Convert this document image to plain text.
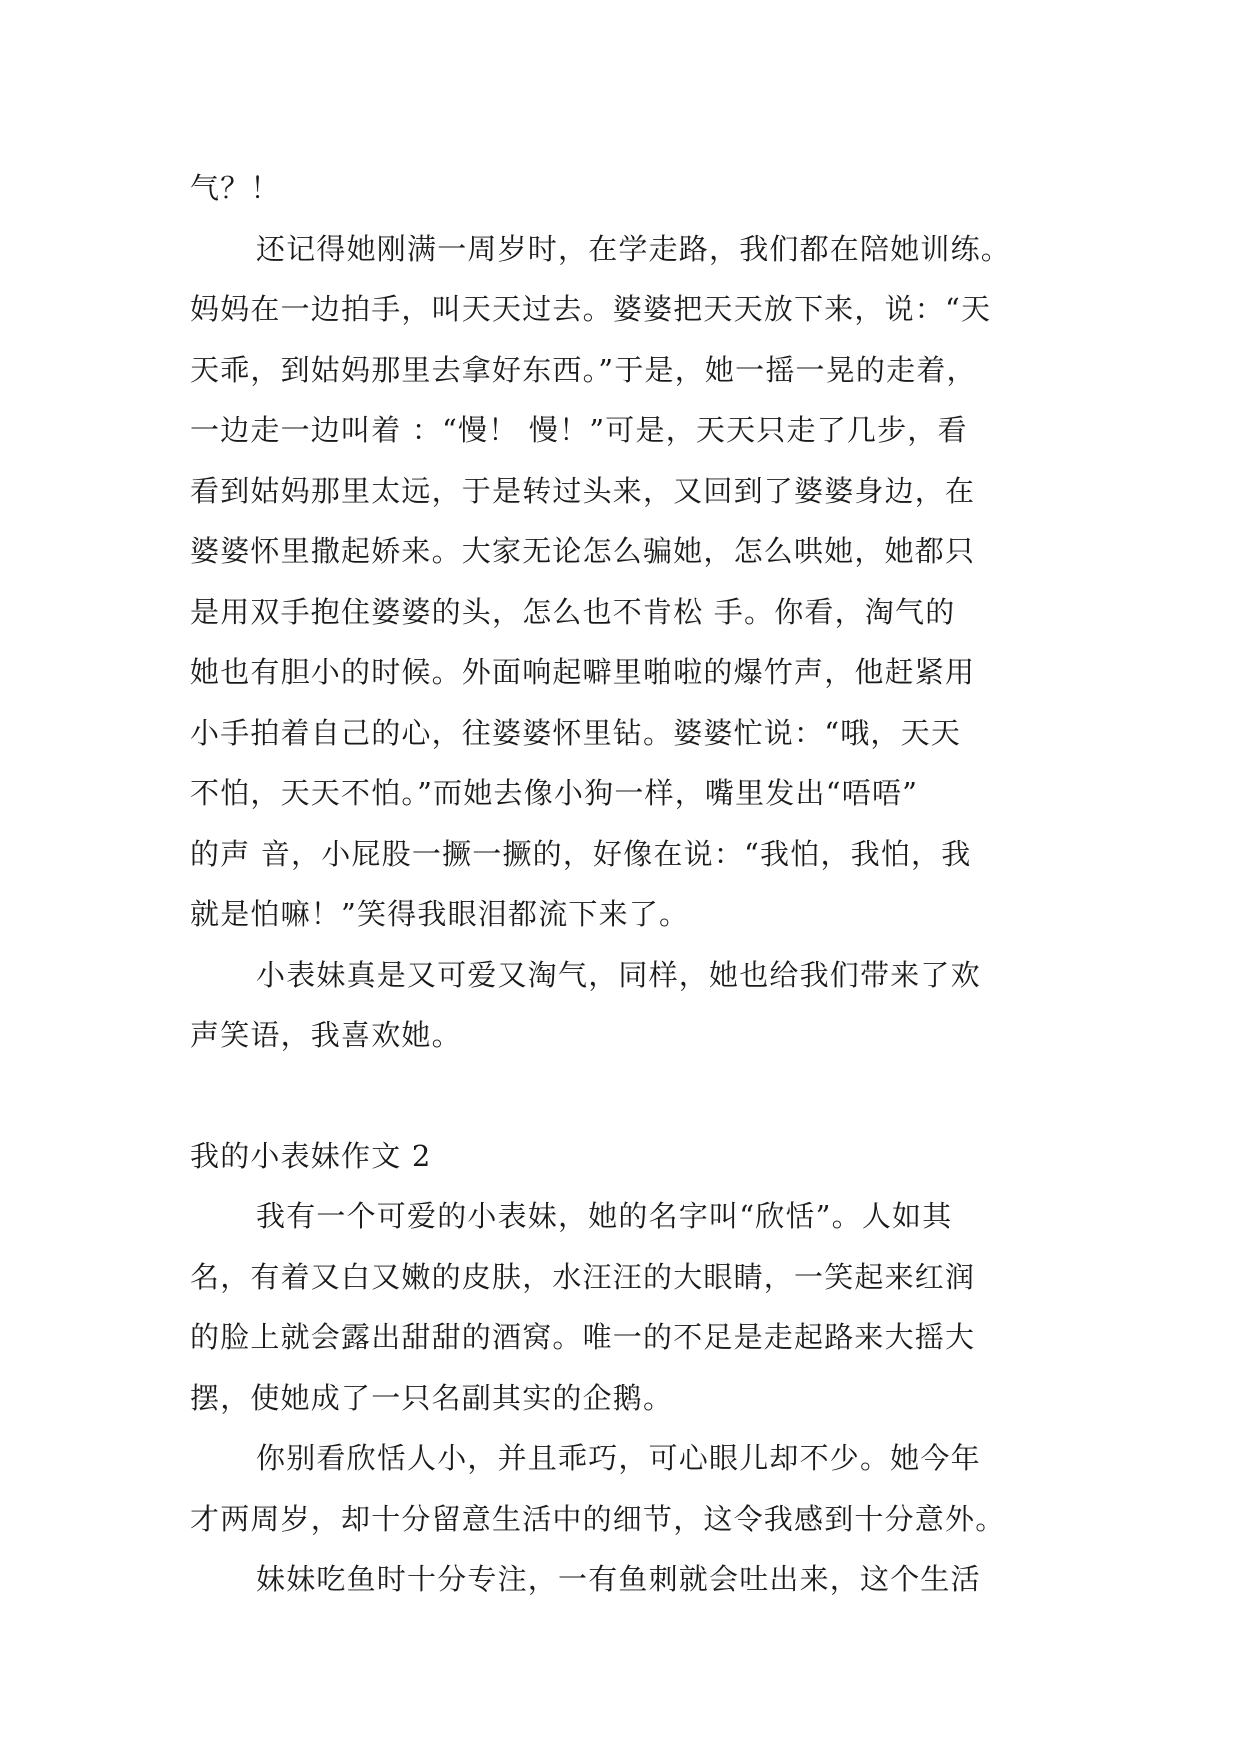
气？！
还记得她刚满一周岁时，在学走路，我们都在陪她训练。
妈妈在一边拍手，叫天天过去。婆婆把天天放下来，说：“天
天乖，到姑妈那里去拿好东西。”于是，她一摇一晃的走着，
一边走一边叫着 ：“慢！ 慢！”可是，天天只走了几步，看
看到姑妈那里太远，于是转过头来，又回到了婆婆身边，在
婆婆怀里撒起娇来。大家无论怎么骗她，怎么哄她，她都只
是用双手抱住婆婆的头，怎么也不肯松 手。你看，淘气的
她也有胆小的时候。外面响起噼里啪啦的爆竹声，他赶紧用
小手拍着自己的心，往婆婆怀里钻。婆婆忙说：“哦，天天
不怕，天天不怕。”而她去像小狗一样，嘴里发出“唔唔”
的声 音，小屁股一撅一撅的，好像在说：“我怕，我怕，我
就是怕嘛！”笑得我眼泪都流下来了。
小表妹真是又可爱又淘气，同样，她也给我们带来了欢
声笑语，我喜欢她。
我的小表妹作文 2
我有一个可爱的小表妹，她的名字叫“欣恬”。人如其
名，有着又白又嫩的皮肤，水汪汪的大眼睛，一笑起来红润
的脸上就会露出甜甜的酒窝。唯一的不足是走起路来大摇大
摆，使她成了一只名副其实的企鹅。
你别看欣恬人小，并且乖巧，可心眼儿却不少。她今年
才两周岁，却十分留意生活中的细节，这令我感到十分意外。
妹妹吃鱼时十分专注，一有鱼刺就会吐出来，这个生活
